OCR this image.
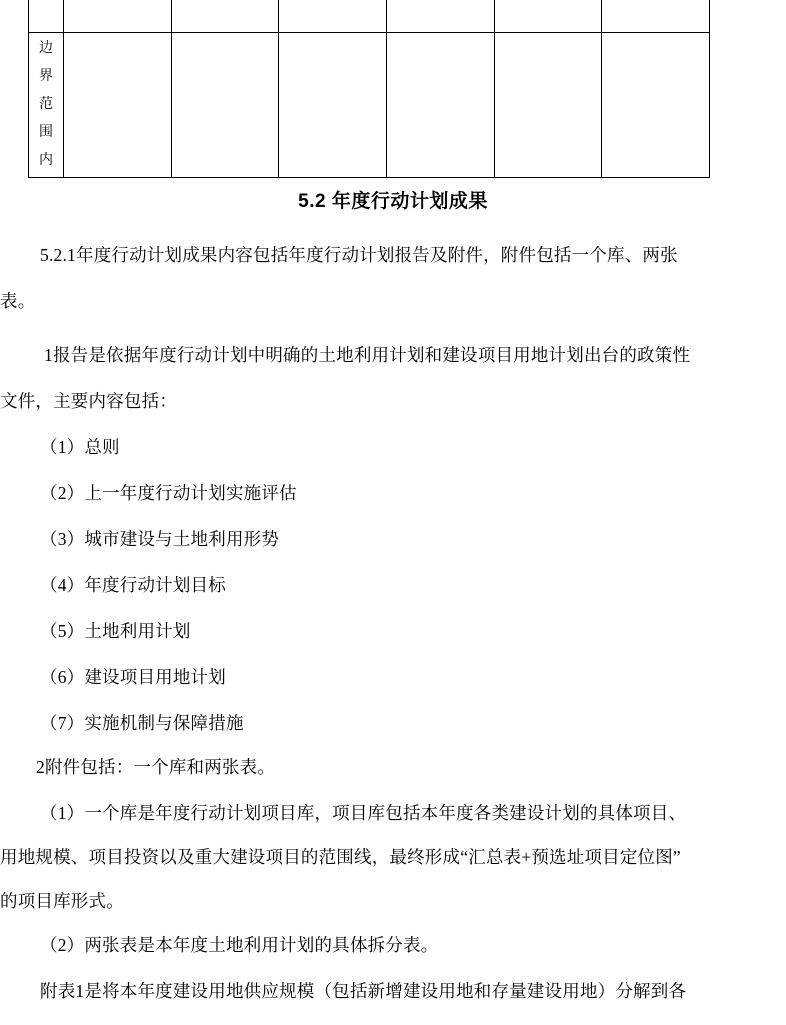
边
界
范
围
内						

5.2 年度行动计划成果

5.2.1年度行动计划成果内容包括年度行动计划报告及附件，附件包括一个库、两张

表。

1报告是依据年度行动计划中明确的土地利用计划和建设项目用地计划出台的政策性

文件，主要内容包括：

（1）总则

（2）上一年度行动计划实施评估

（3）城市建设与土地利用形势

（4）年度行动计划目标

（5）土地利用计划

（6）建设项目用地计划

（7）实施机制与保障措施

2附件包括：一个库和两张表。

（1）一个库是年度行动计划项目库，项目库包括本年度各类建设计划的具体项目、

用地规模、项目投资以及重大建设项目的范围线，最终形成“汇总表+预选址项目定位图”

的项目库形式。

（2）两张表是本年度土地利用计划的具体拆分表。

附表1是将本年度建设用地供应规模（包括新增建设用地和存量建设用地）分解到各
